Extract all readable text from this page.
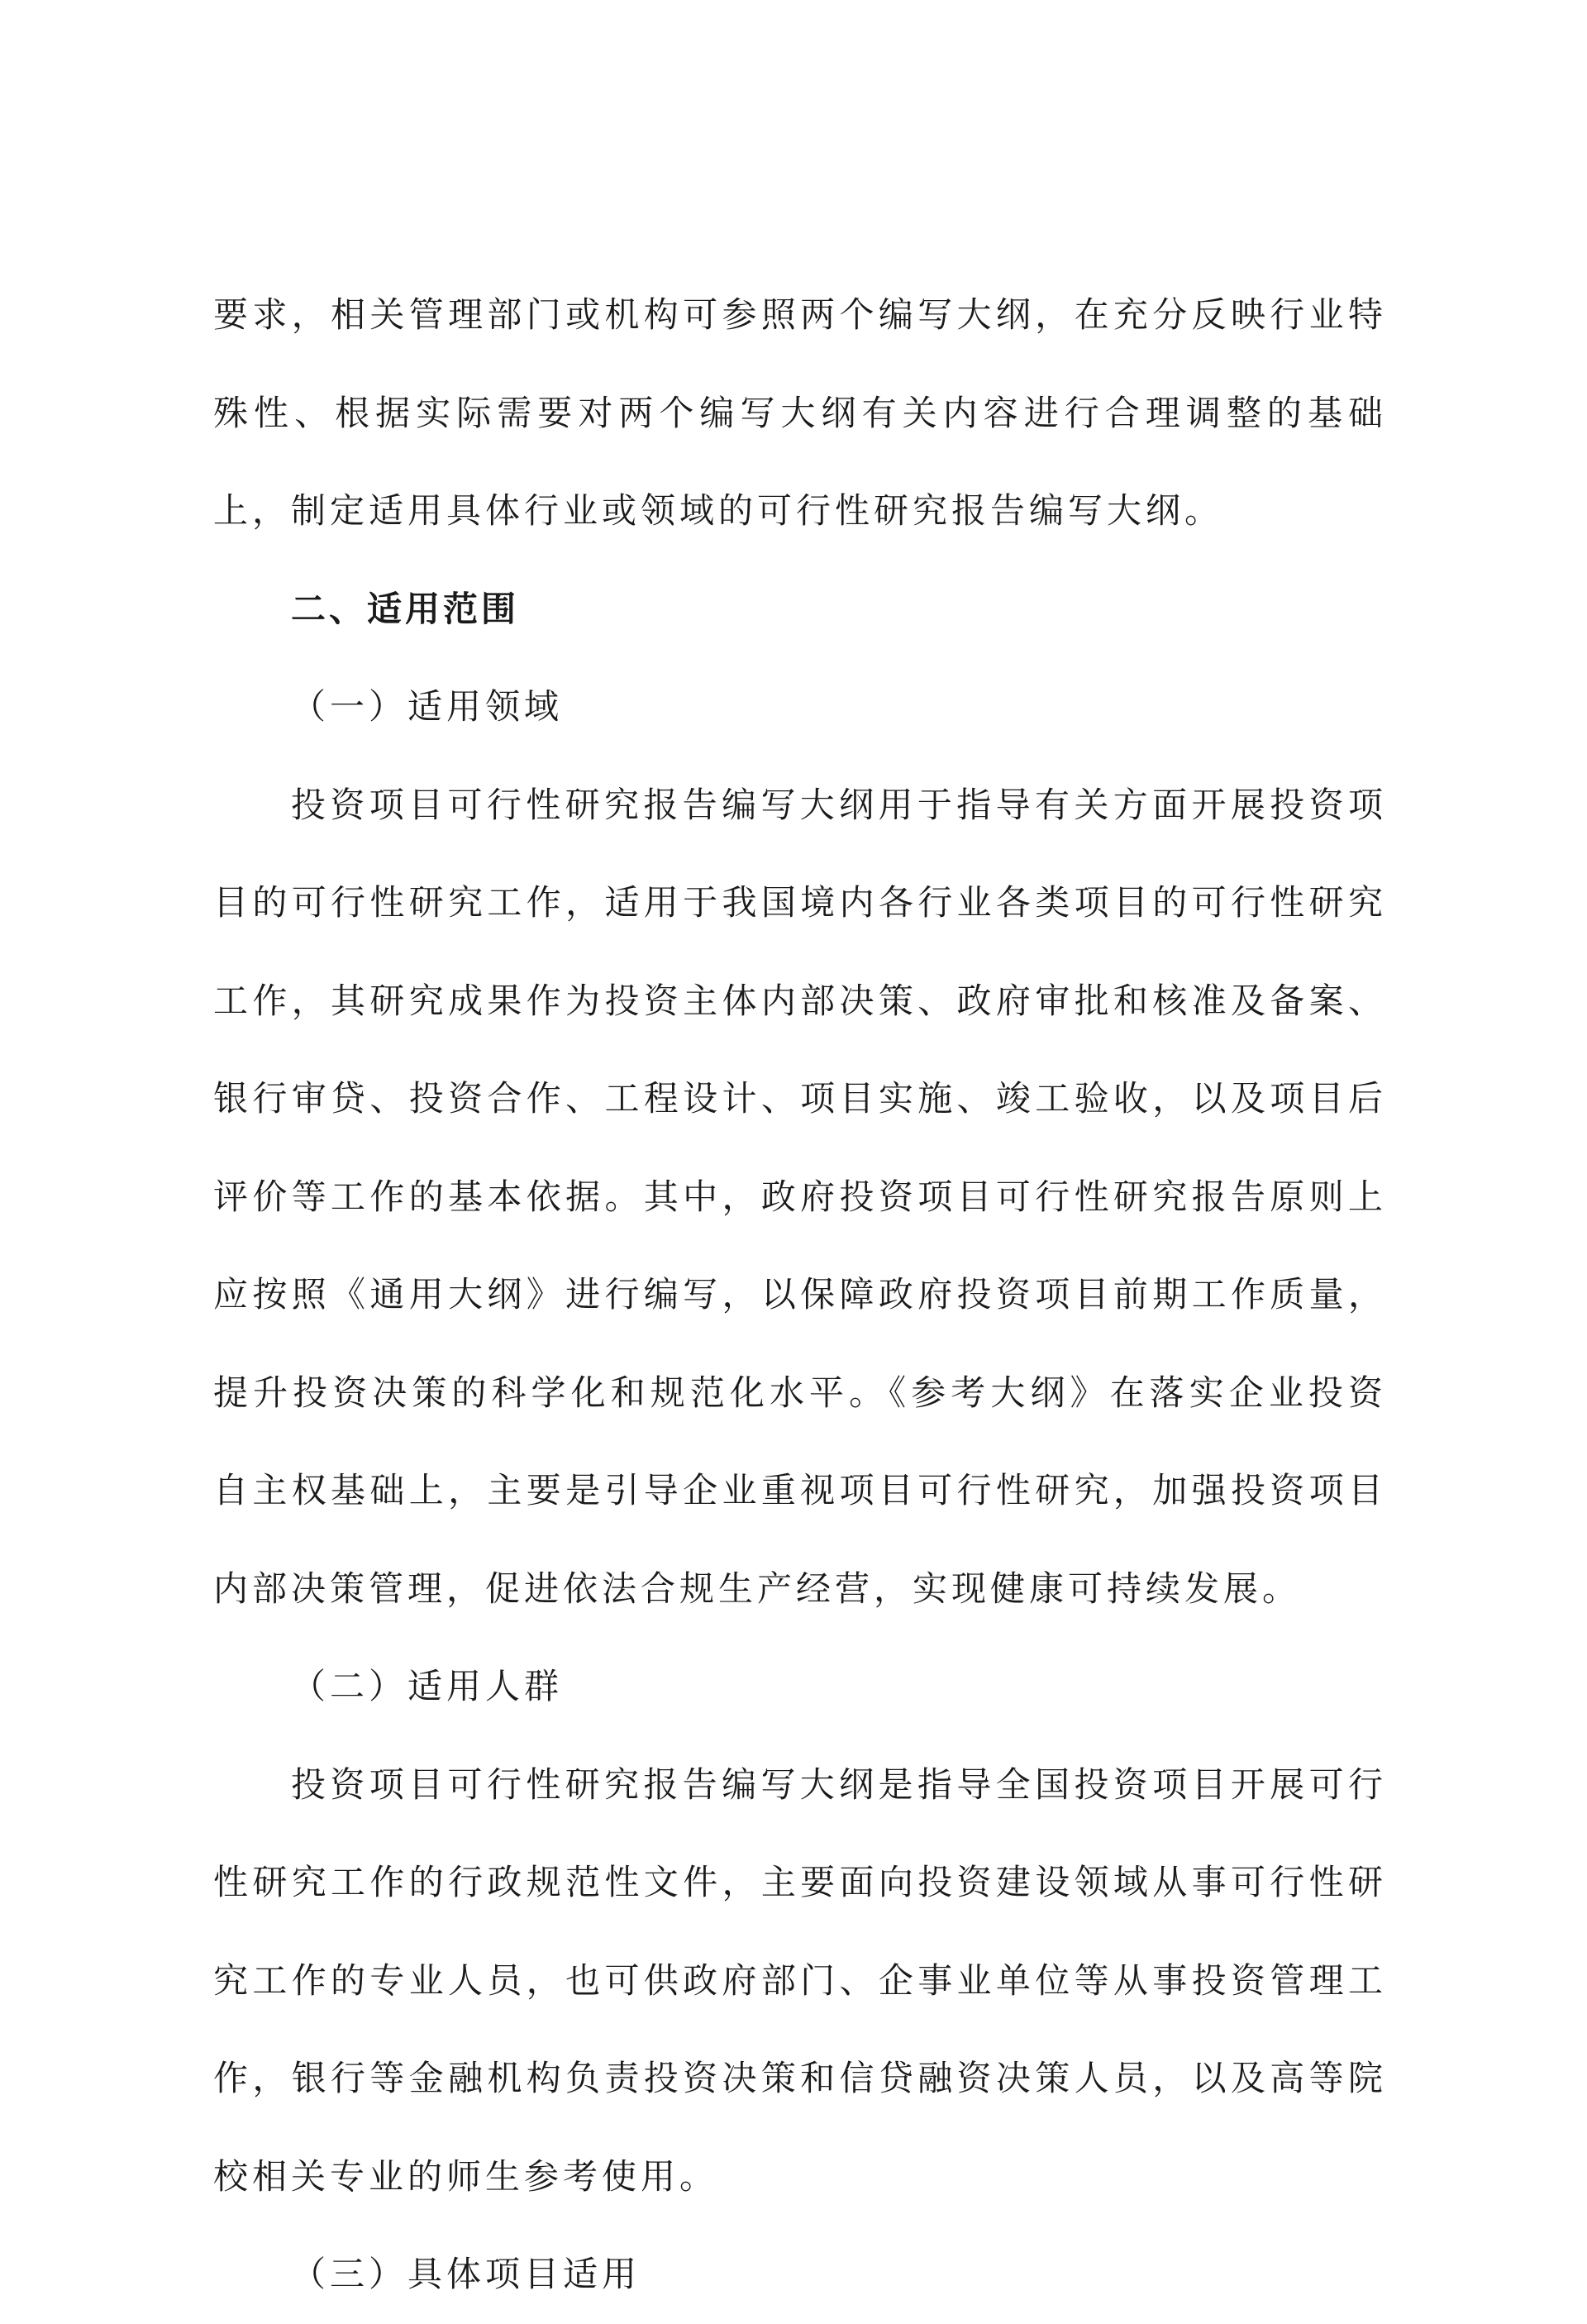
要求，相关管理部门或机构可参照两个编写大纲，在充分反映行业特殊性、根据实际需要对两个编写大纲有关内容进行合理调整的基础上，制定适用具体行业或领域的可行性研究报告编写大纲。

二、适用范围

（一）适用领域

投资项目可行性研究报告编写大纲用于指导有关方面开展投资项目的可行性研究工作，适用于我国境内各行业各类项目的可行性研究工作，其研究成果作为投资主体内部决策、政府审批和核准及备案、银行审贷、投资合作、工程设计、项目实施、竣工验收，以及项目后评价等工作的基本依据。其中，政府投资项目可行性研究报告原则上应按照《通用大纲》进行编写，以保障政府投资项目前期工作质量，提升投资决策的科学化和规范化水平。《参考大纲》在落实企业投资自主权基础上，主要是引导企业重视项目可行性研究，加强投资项目内部决策管理，促进依法合规生产经营，实现健康可持续发展。

（二）适用人群

投资项目可行性研究报告编写大纲是指导全国投资项目开展可行性研究工作的行政规范性文件，主要面向投资建设领域从事可行性研究工作的专业人员，也可供政府部门、企事业单位等从事投资管理工作，银行等金融机构负责投资决策和信贷融资决策人员，以及高等院校相关专业的师生参考使用。

（三）具体项目适用
